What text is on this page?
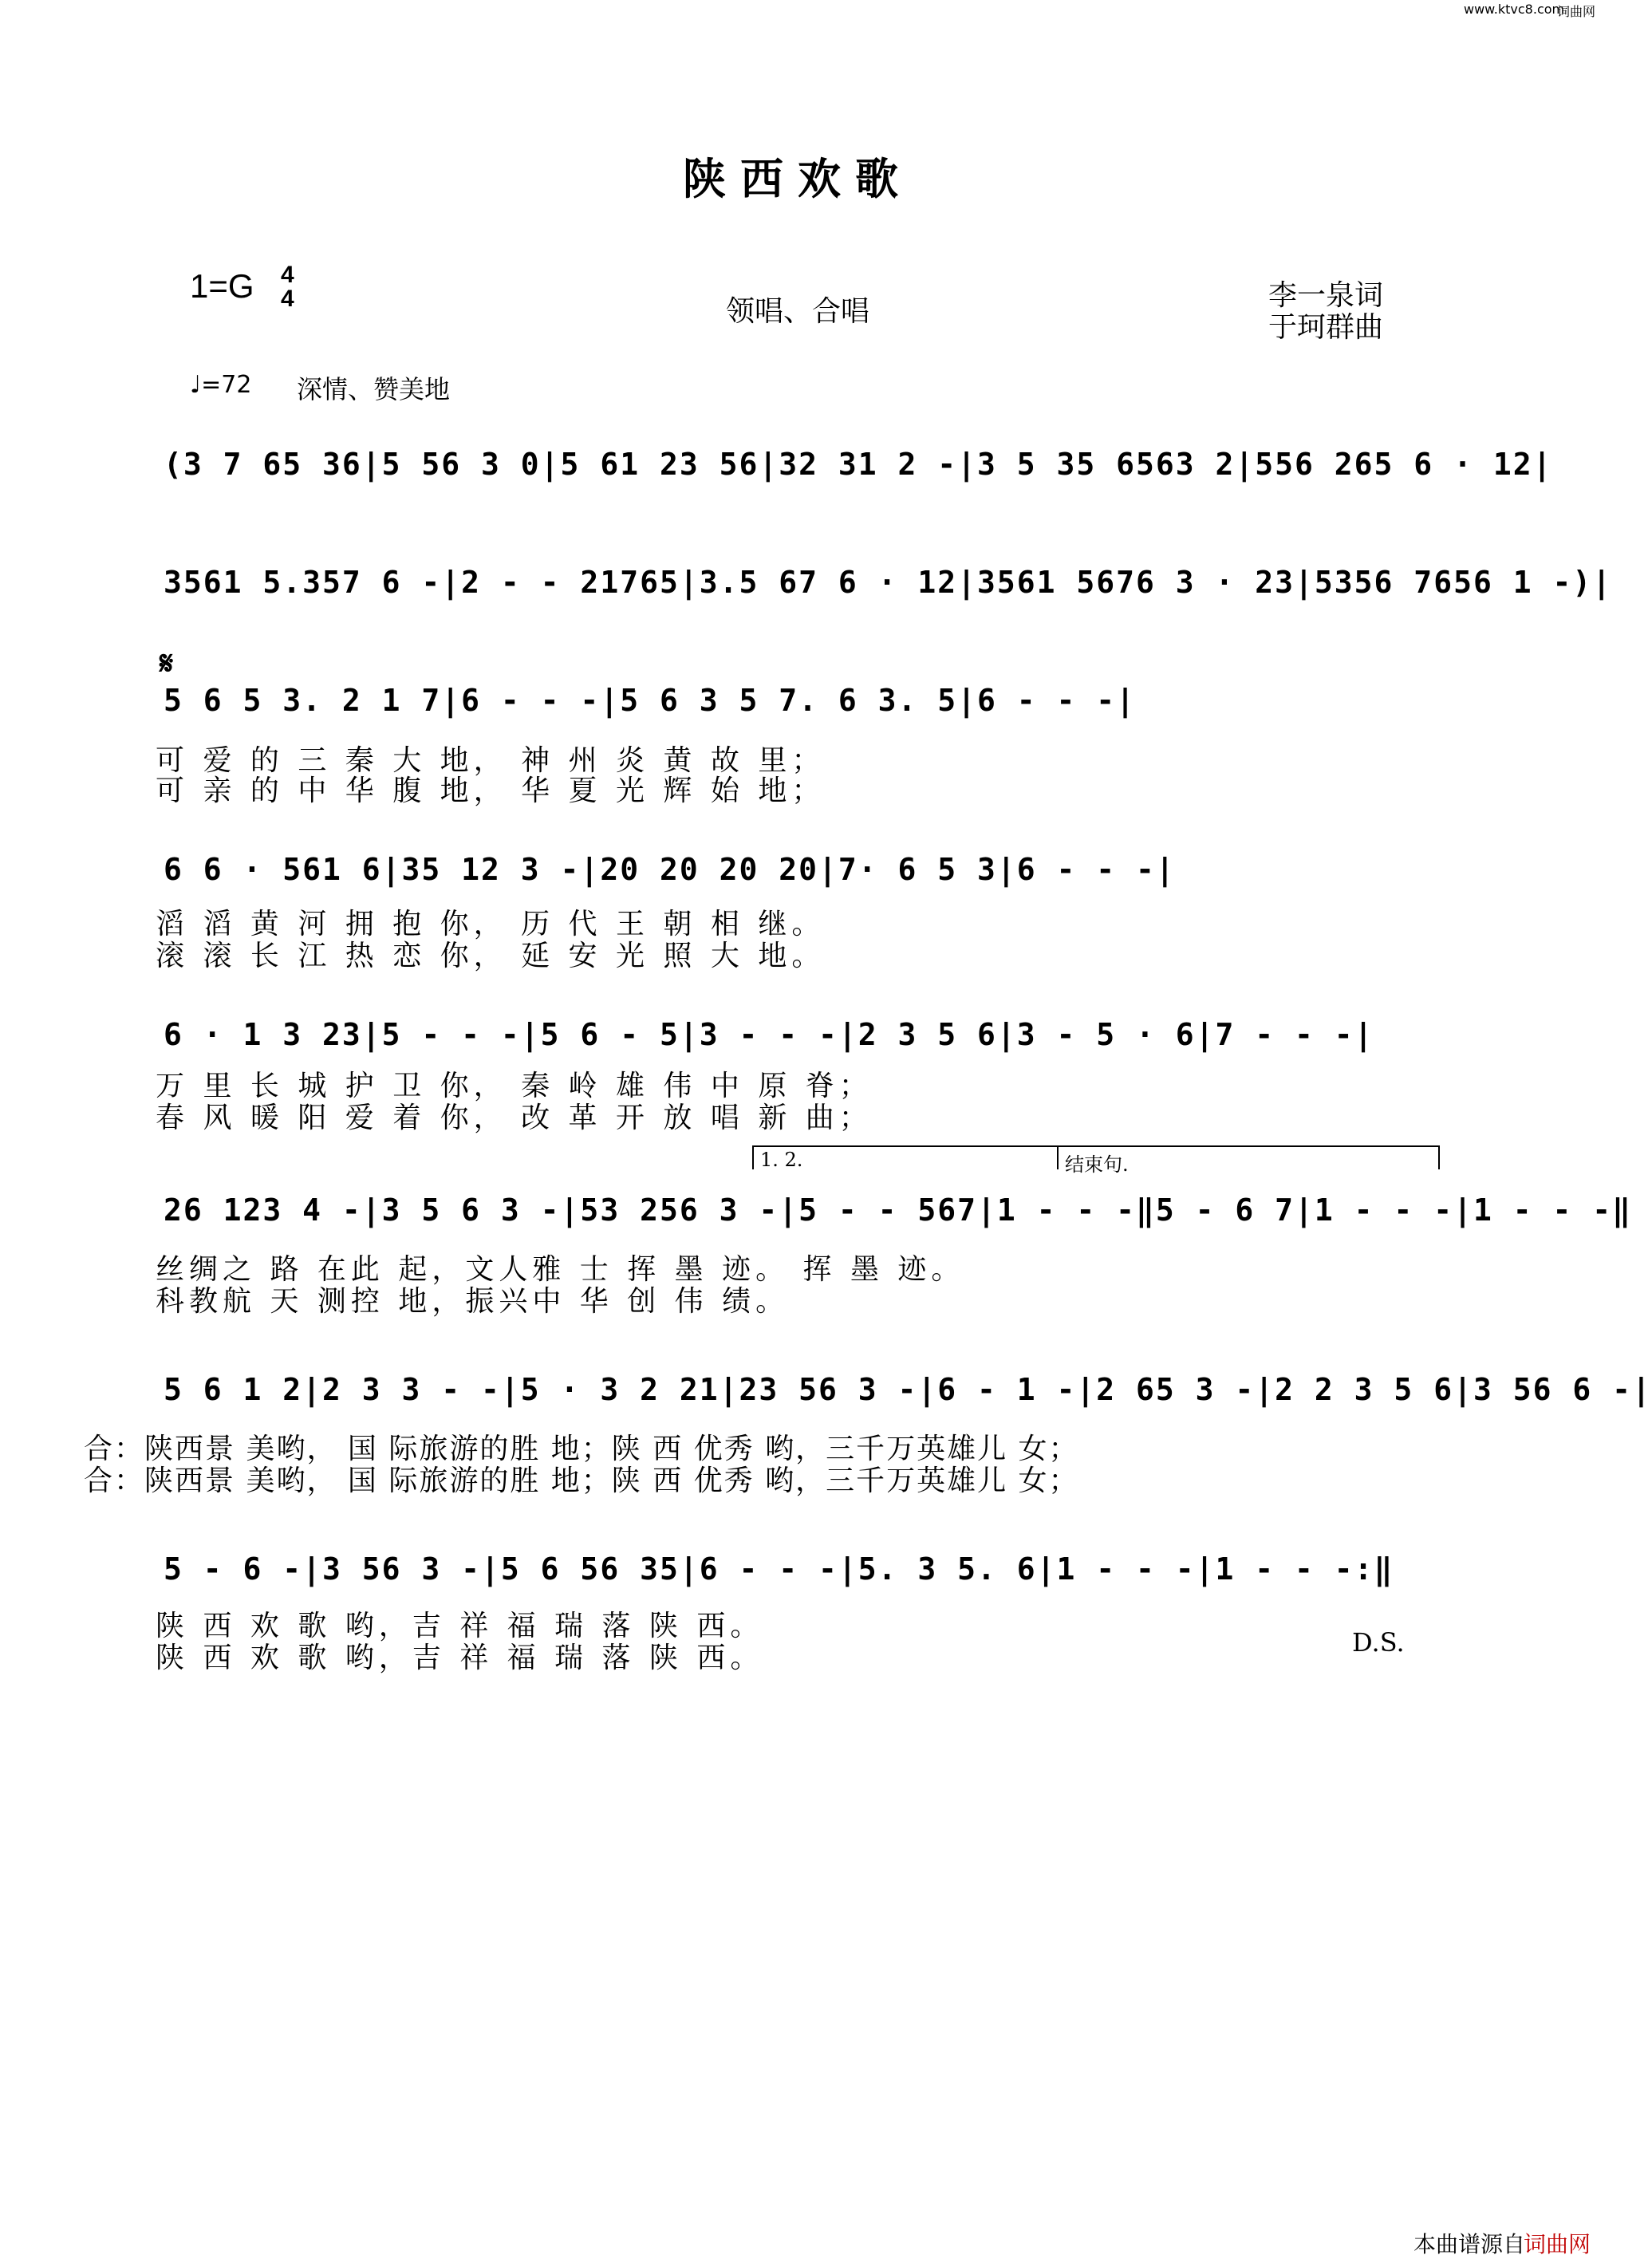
www.ktvc8.com
词曲网
陕西欢歌
1=G 4
4	领唱、合唱	李一泉词
于珂群曲
♩=72 深情、赞美地
(3 7 65 36|5 56 3 0|5 61 23 56|32 31 2 -|3 5 35 6563 2|556 265 6 · 12|
3561 5.357 6 -|2 - - 21765|3.5 67 6 · 12|3561 5676 3 · 23|5356 7656 1 -)|
𝄋
5 6 5 3. 2 1 7|6 - - -|5 6 3 5 7. 6 3. 5|6 - - -|
可 爱 的 三 秦 大 地， 神 州 炎 黄 故 里；
可 亲 的 中 华 腹 地， 华 夏 光 辉 始 地；
6 6 · 561 6|35 12 3 -|20 20 20 20|7· 6 5 3|6 - - -|
滔 滔 黄 河 拥 抱 你， 历 代 王 朝 相 继。
滚 滚 长 江 热 恋 你， 延 安 光 照 大 地。
6 · 1 3 23|5 - - -|5 6 - 5|3 - - -|2 3 5 6|3 - 5 · 6|7 - - -|
万 里 长 城 护 卫 你， 秦 岭 雄 伟 中 原 脊；
春 风 暖 阳 爱 着 你， 改 革 开 放 唱 新 曲；
1. 2.	结束句.
26 123 4 -|3 5 6 3 -|53 256 3 -|5 - - 567|1 - - -‖5 - 6 7|1 - - -|1 - - -‖
丝绸之 路 在此 起，文人雅 士 挥 墨 迹。 挥 墨 迹。
科教航 天 测控 地，振兴中 华 创 伟 绩。
5 6 1 2|2 3 3 - -|5 · 3 2 21|23 56 3 -|6 - 1 -|2 65 3 -|2 2 3 5 6|3 56 6 -|
合：陕西景 美哟， 国 际旅游的胜 地；陕 西 优秀 哟，三千万英雄儿 女；
合：陕西景 美哟， 国 际旅游的胜 地；陕 西 优秀 哟，三千万英雄儿 女；
5 - 6 -|3 56 3 -|5 6 56 35|6 - - -|5. 3 5. 6|1 - - -|1 - - -:‖
陕 西 欢 歌 哟，吉 祥 福 瑞 落 陕 西。
陕 西 欢 歌 哟，吉 祥 福 瑞 落 陕 西。	D.S.
本曲谱源自
词曲网
